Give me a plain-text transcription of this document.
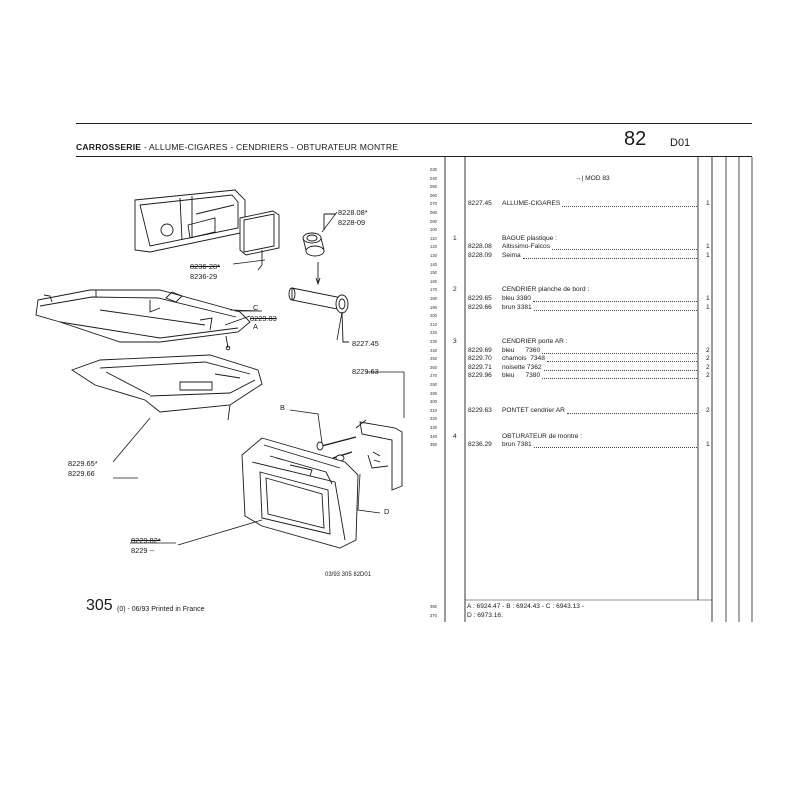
CARROSSERIE - ALLUME-CIGARES - CENDRIERS - OBTURATEUR MONTRE	82 D01
030
040
050
060
070
080
090
100
110
120
130
140
150
160
170
180
190
200
210
220
230
240
250
260
270
280
290
300
310
320
330
340
350
360
370
→| MOD 83
8227.45 ALLUME-CIGARES	1
1	BAGUE plastique :
8228.08 Altissimo-Falcos	1
8228.09 Seima	1
2	CENDRIER planche de bord :
8229.65 bleu 3380	1
8229.66 brun 3381	1
3	CENDRIER porte AR :
8229.69 bleu      7360	2
8229.70 chamois  7348	2
8229.71 noisette 7362	2
8229.96 bleu      7380	2
8229.63 PONTET cendrier AR	2
4	OBTURATEUR de montre :
8236.29 brun 7381	1
A : 6924.47 - B : 6924.43 - C : 6943.13 -
D : 6973.16.
8228.08*
8228-09
8236-28*
8236-29
C
8229.83
A
8227.45
8229.63
B
8229.65*
8229.66
D
8229.82*
8229 --
03/93 305 82D01
305 (0) - 06/93 Printed in France
